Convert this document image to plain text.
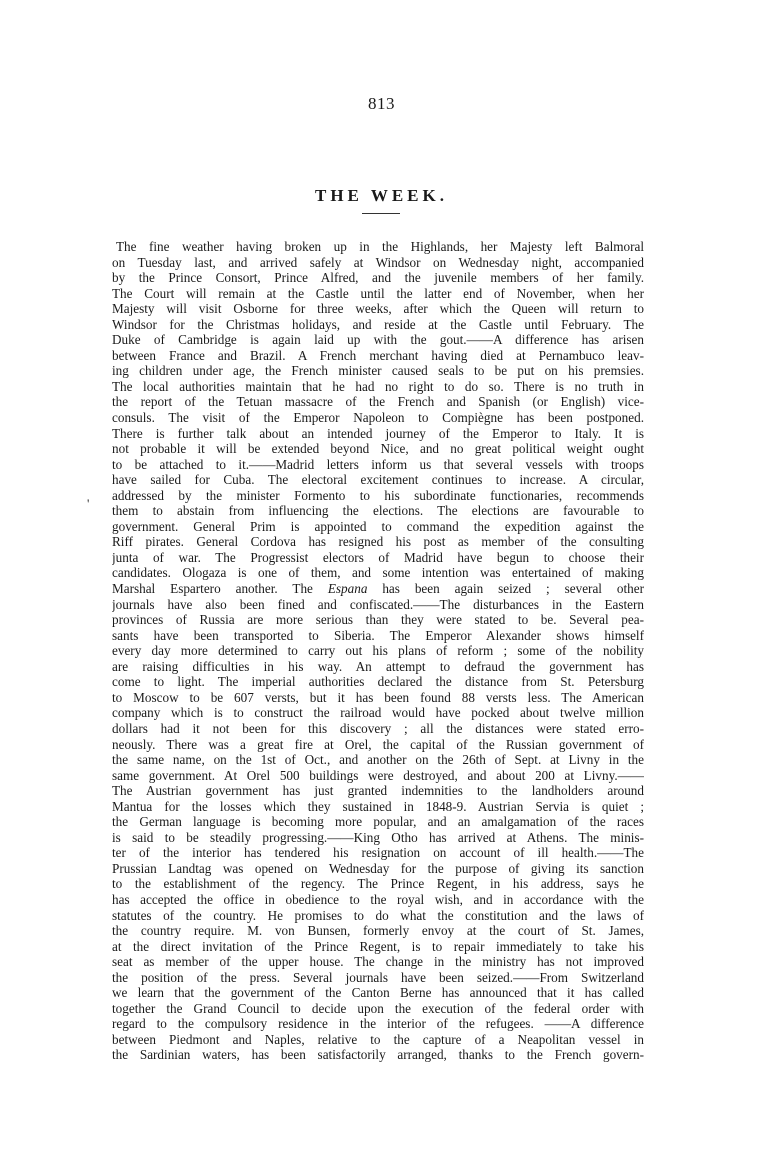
813
THE WEEK.
'
The fine weather having broken up in the Highlands, her Majesty left Balmoral
on Tuesday last, and arrived safely at Windsor on Wednesday night, accompanied
by the Prince Consort, Prince Alfred, and the juvenile members of her family.
The Court will remain at the Castle until the latter end of November, when her
Majesty will visit Osborne for three weeks, after which the Queen will return to
Windsor for the Christmas holidays, and reside at the Castle until February. The
Duke of Cambridge is again laid up with the gout.——A difference has arisen
between France and Brazil. A French merchant having died at Pernambuco leav-
ing children under age, the French minister caused seals to be put on his premsies.
The local authorities maintain that he had no right to do so. There is no truth in
the report of the Tetuan massacre of the French and Spanish (or English) vice-
consuls. The visit of the Emperor Napoleon to Compiègne has been postponed.
There is further talk about an intended journey of the Emperor to Italy. It is
not probable it will be extended beyond Nice, and no great political weight ought
to be attached to it.——Madrid letters inform us that several vessels with troops
have sailed for Cuba. The electoral excitement continues to increase. A circular,
addressed by the minister Formento to his subordinate functionaries, recommends
them to abstain from influencing the elections. The elections are favourable to
government. General Prim is appointed to command the expedition against the
Riff pirates. General Cordova has resigned his post as member of the consulting
junta of war. The Progressist electors of Madrid have begun to choose their
candidates. Ologaza is one of them, and some intention was entertained of making
Marshal Espartero another. The Espana has been again seized ; several other
journals have also been fined and confiscated.——The disturbances in the Eastern
provinces of Russia are more serious than they were stated to be. Several pea-
sants have been transported to Siberia. The Emperor Alexander shows himself
every day more determined to carry out his plans of reform ; some of the nobility
are raising difficulties in his way. An attempt to defraud the government has
come to light. The imperial authorities declared the distance from St. Petersburg
to Moscow to be 607 versts, but it has been found 88 versts less. The American
company which is to construct the railroad would have pocked about twelve million
dollars had it not been for this discovery ; all the distances were stated erro-
neously. There was a great fire at Orel, the capital of the Russian government of
the same name, on the 1st of Oct., and another on the 26th of Sept. at Livny in the
same government. At Orel 500 buildings were destroyed, and about 200 at Livny.——
The Austrian government has just granted indemnities to the landholders around
Mantua for the losses which they sustained in 1848-9. Austrian Servia is quiet ;
the German language is becoming more popular, and an amalgamation of the races
is said to be steadily progressing.——King Otho has arrived at Athens. The minis-
ter of the interior has tendered his resignation on account of ill health.——The
Prussian Landtag was opened on Wednesday for the purpose of giving its sanction
to the establishment of the regency. The Prince Regent, in his address, says he
has accepted the office in obedience to the royal wish, and in accordance with the
statutes of the country. He promises to do what the constitution and the laws of
the country require. M. von Bunsen, formerly envoy at the court of St. James,
at the direct invitation of the Prince Regent, is to repair immediately to take his
seat as member of the upper house. The change in the ministry has not improved
the position of the press. Several journals have been seized.——From Switzerland
we learn that the government of the Canton Berne has announced that it has called
together the Grand Council to decide upon the execution of the federal order with
regard to the compulsory residence in the interior of the refugees. ——A difference
between Piedmont and Naples, relative to the capture of a Neapolitan vessel in
the Sardinian waters, has been satisfactorily arranged, thanks to the French govern-
